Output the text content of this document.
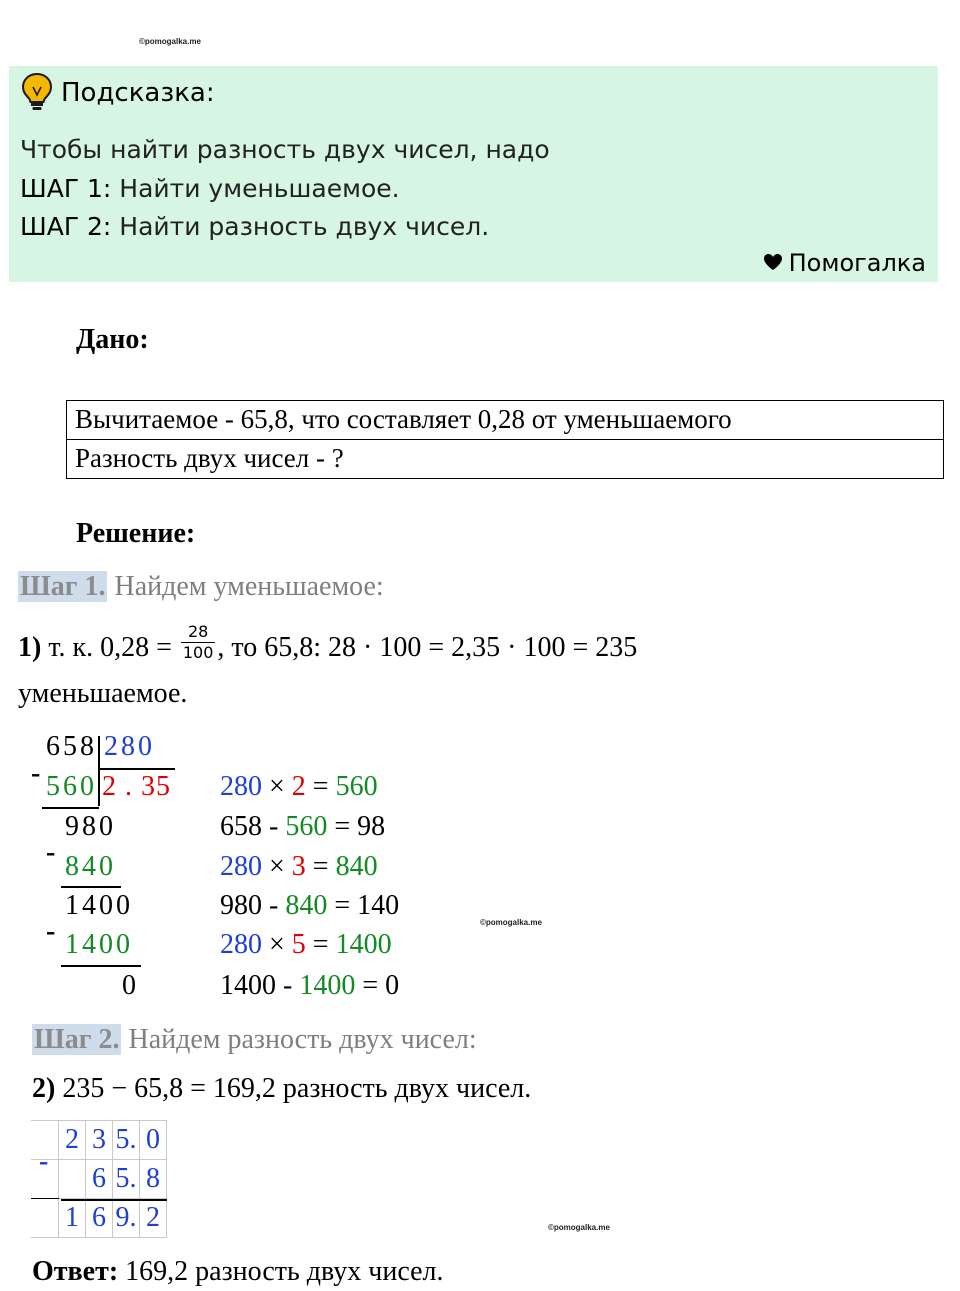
©pomogalka.me
©pomogalka.me
©pomogalka.me
Подсказка:
Чтобы найти разность двух чисел, надо
ШАГ 1: Найти уменьшаемое.
ШАГ 2: Найти разность двух чисел.
Помогалка
Дано:
Вычитаемое - 65,8, что составляет 0,28 от уменьшаемого
Разность двух чисел - ?
Решение:
Шаг 1. Найдем уменьшаемое:
1) т. к. $0,28 = \frac{28}{100}$ , то 65,8: 28 · 100 = 2,35 · 100 = 235
уменьшаемое.
658 280
- 560 2 . 35
980
- 840
1400
- 1400
0
280 × 2 = 560
658 - 560 = 98
280 × 3 = 840
980 - 840 = 140
280 × 5 = 1400
1400 - 1400 = 0
Шаг 2. Найдем разность двух чисел:
2) 235 − 65,8 = 169,2 разность двух чисел.
	2	3	5.	0
		6	5.	8
	1	6	9.	2
-
Ответ: 169,2 разность двух чисел.
